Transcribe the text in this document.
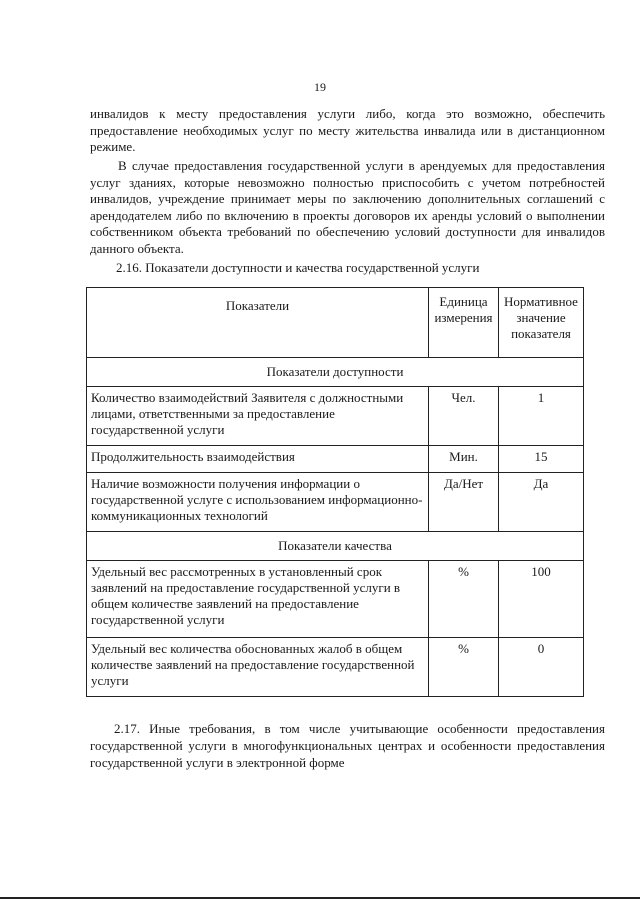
19
инвалидов к месту предоставления услуги либо, когда это возможно, обеспечить предоставление необходимых услуг по месту жительства инвалида или в дистанционном режиме.
В случае предоставления государственной услуги в арендуемых для предоставления услуг зданиях, которые невозможно полностью приспособить с учетом потребностей инвалидов, учреждение принимает меры по заключению дополнительных соглашений с арендодателем либо по включению в проекты договоров их аренды условий о выполнении собственником объекта требований по обеспечению условий доступности для инвалидов данного объекта.
2.16. Показатели доступности и качества государственной услуги
Показатели	Единица измерения	Нормативное значение показателя
Показатели доступности		
Количество взаимодействий Заявителя с должностными лицами, ответственными за предоставление государственной услуги	Чел.	1
Продолжительность взаимодействия	Мин.	15
Наличие возможности получения информации о государственной услуге с использованием информационно-коммуникационных технологий	Да/Нет	Да
Показатели качества		
Удельный вес рассмотренных в установленный срок заявлений на предоставление государственной услуги в общем количестве заявлений на предоставление государственной услуги	%	100
Удельный вес количества обоснованных жалоб в общем количестве заявлений на предоставление государственной услуги	%	0
2.17. Иные требования, в том числе учитывающие особенности предоставления государственной услуги в многофункциональных центрах и особенности предоставления государственной услуги в электронной форме
